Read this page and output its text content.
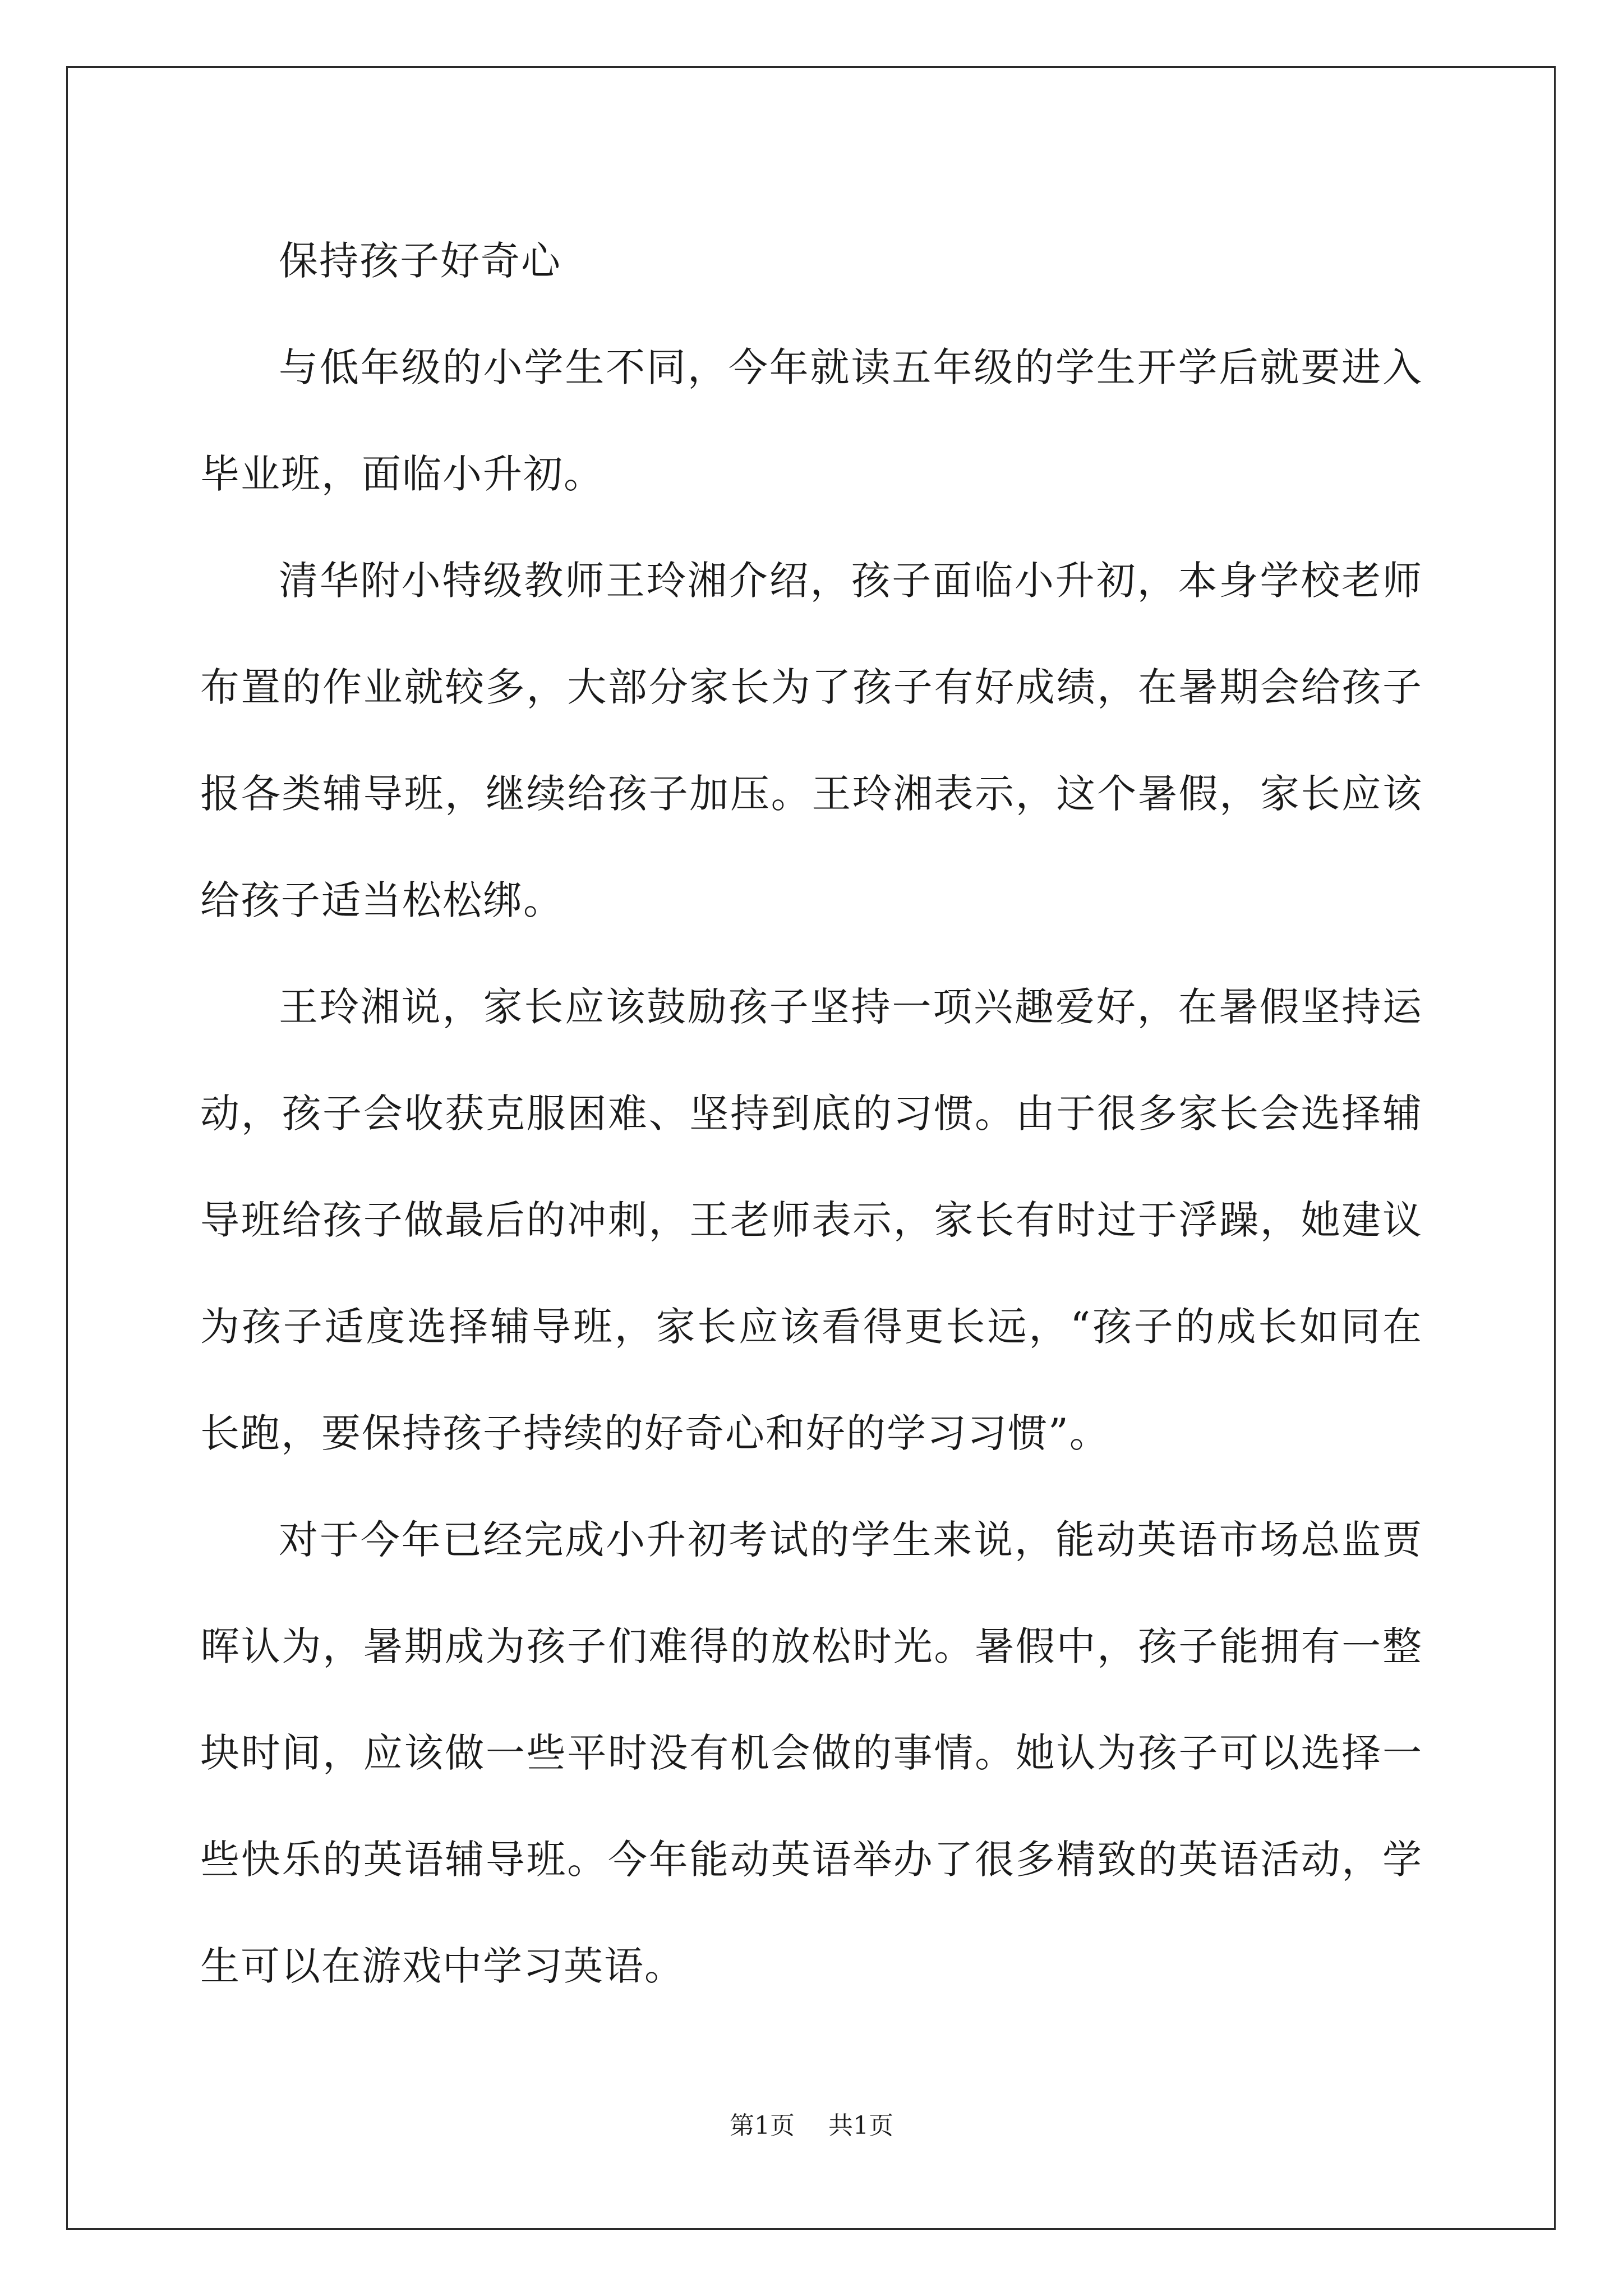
保持孩子好奇心

与低年级的小学生不同，今年就读五年级的学生开学后就要进入毕业班，面临小升初。

清华附小特级教师王玲湘介绍，孩子面临小升初，本身学校老师布置的作业就较多，大部分家长为了孩子有好成绩，在暑期会给孩子报各类辅导班，继续给孩子加压。王玲湘表示，这个暑假，家长应该给孩子适当松松绑。

王玲湘说，家长应该鼓励孩子坚持一项兴趣爱好，在暑假坚持运动，孩子会收获克服困难、坚持到底的习惯。由于很多家长会选择辅导班给孩子做最后的冲刺，王老师表示，家长有时过于浮躁，她建议为孩子适度选择辅导班，家长应该看得更长远，“孩子的成长如同在长跑，要保持孩子持续的好奇心和好的学习习惯”。

对于今年已经完成小升初考试的学生来说，能动英语市场总监贾晖认为，暑期成为孩子们难得的放松时光。暑假中，孩子能拥有一整块时间，应该做一些平时没有机会做的事情。她认为孩子可以选择一些快乐的英语辅导班。今年能动英语举办了很多精致的英语活动，学生可以在游戏中学习英语。

第1页 共1页
